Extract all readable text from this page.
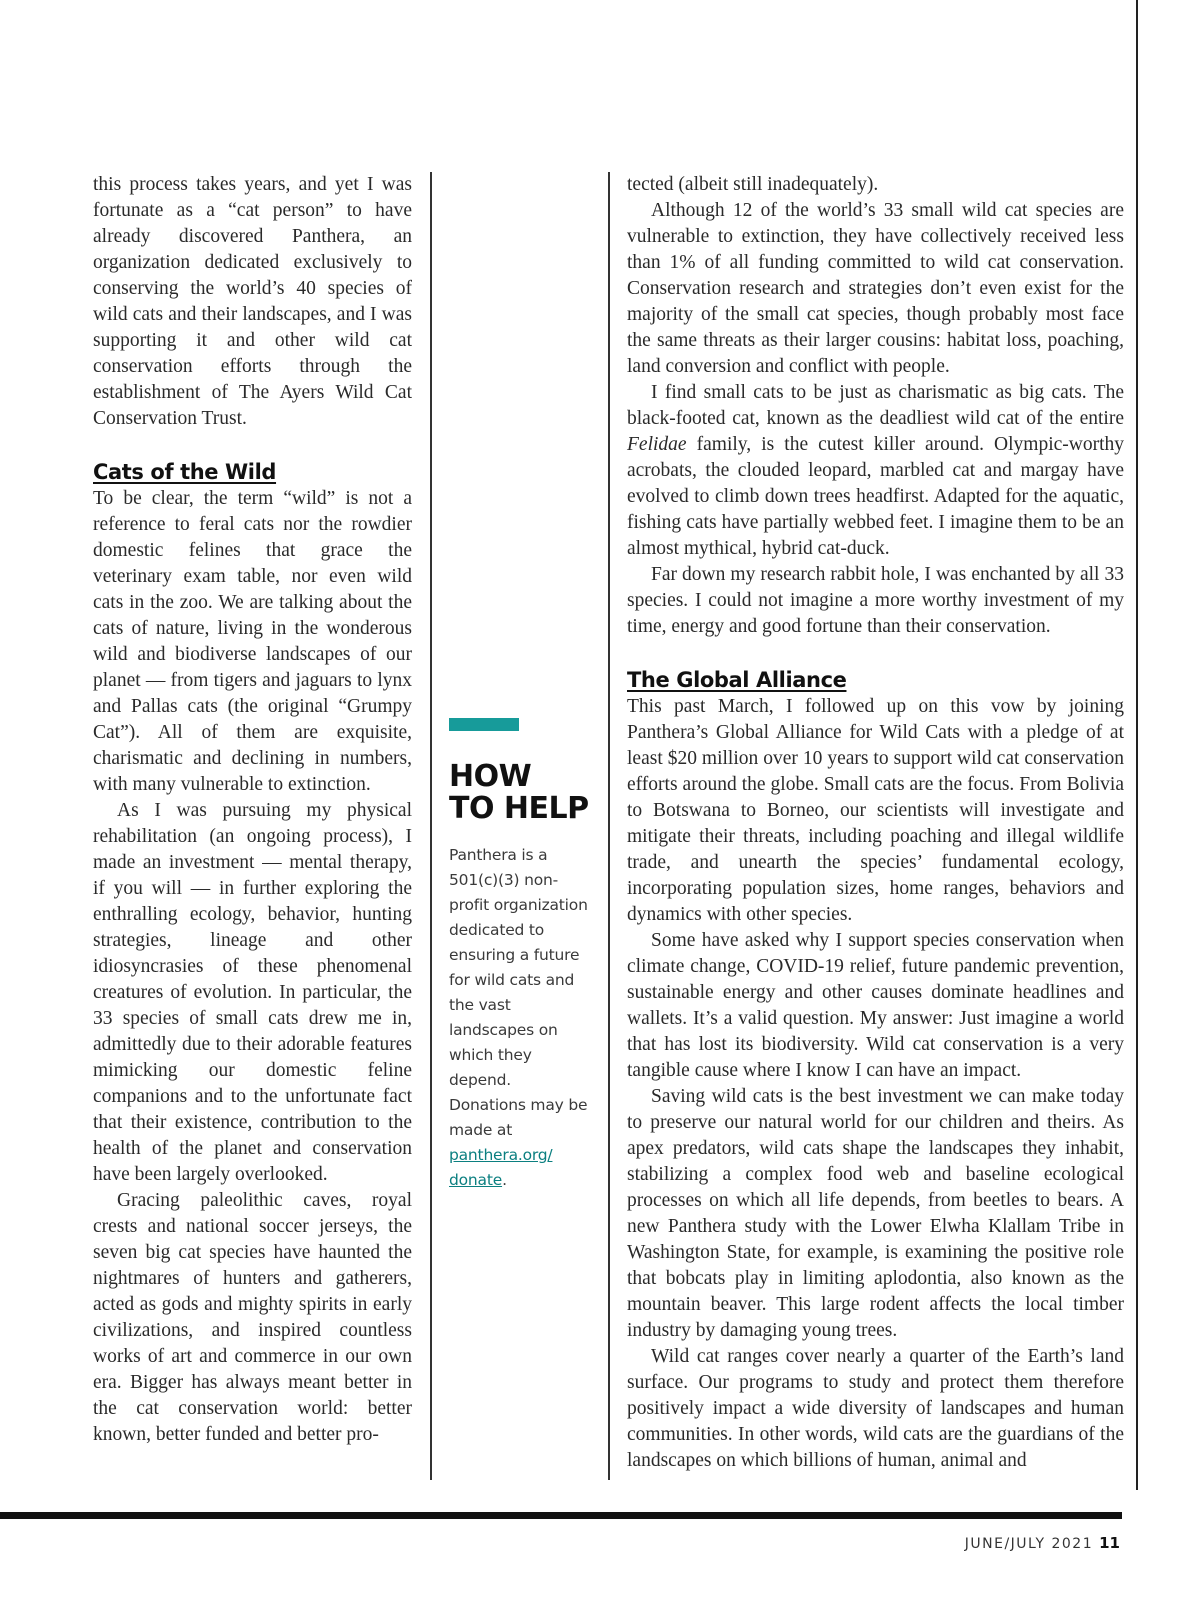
this process takes years, and yet I was fortunate as a “cat person” to have already discovered Panthera, an organization dedicated exclusively to conserving the world’s 40 species of wild cats and their landscapes, and I was supporting it and other wild cat conservation efforts through the establishment of The Ayers Wild Cat Conservation Trust.

Cats of the Wild

To be clear, the term “wild” is not a reference to feral cats nor the rowdier domestic felines that grace the veterinary exam table, nor even wild cats in the zoo. We are talking about the cats of nature, living in the wonderous wild and biodiverse landscapes of our planet — from tigers and jaguars to lynx and Pallas cats (the original “Grumpy Cat”). All of them are exquisite, charismatic and declining in numbers, with many vulnerable to extinction.

As I was pursuing my physical rehabilitation (an ongoing process), I made an investment — mental therapy, if you will — in further exploring the enthralling ecology, behavior, hunting strategies, lineage and other idiosyncrasies of these phenomenal creatures of evolution. In particular, the 33 species of small cats drew me in, admittedly due to their adorable features mimicking our domestic feline companions and to the unfortunate fact that their existence, contribution to the health of the planet and conservation have been largely overlooked.

Gracing paleolithic caves, royal crests and national soccer jerseys, the seven big cat species have haunted the nightmares of hunters and gatherers, acted as gods and mighty spirits in early civilizations, and inspired countless works of art and commerce in our own era. Bigger has always meant better in the cat conservation world: better known, better funded and better pro-

HOW
TO HELP
Panthera is a 501(c)(3) non-profit organization dedicated to ensuring a future for wild cats and the vast landscapes on which they depend. Donations may be made at panthera.org/
donate.

tected (albeit still inadequately).

Although 12 of the world’s 33 small wild cat species are vulnerable to extinction, they have collectively received less than 1% of all funding committed to wild cat conservation. Conservation research and strategies don’t even exist for the majority of the small cat species, though probably most face the same threats as their larger cousins: habitat loss, poaching, land conversion and conflict with people.

I find small cats to be just as charismatic as big cats. The black-footed cat, known as the deadliest wild cat of the entire Felidae family, is the cutest killer around. Olympic-worthy acrobats, the clouded leopard, marbled cat and margay have evolved to climb down trees headfirst. Adapted for the aquatic, fishing cats have partially webbed feet. I imagine them to be an almost mythical, hybrid cat-duck.

Far down my research rabbit hole, I was enchanted by all 33 species. I could not imagine a more worthy investment of my time, energy and good fortune than their conservation.

The Global Alliance

This past March, I followed up on this vow by joining Panthera’s Global Alliance for Wild Cats with a pledge of at least $20 million over 10 years to support wild cat conservation efforts around the globe. Small cats are the focus. From Bolivia to Botswana to Borneo, our scientists will investigate and mitigate their threats, including poaching and illegal wildlife trade, and unearth the species’ fundamental ecology, incorporating population sizes, home ranges, behaviors and dynamics with other species.

Some have asked why I support species conservation when climate change, COVID-19 relief, future pandemic prevention, sustainable energy and other causes dominate headlines and wallets. It’s a valid question. My answer: Just imagine a world that has lost its biodiversity. Wild cat conservation is a very tangible cause where I know I can have an impact.

Saving wild cats is the best investment we can make today to preserve our natural world for our children and theirs. As apex predators, wild cats shape the landscapes they inhabit, stabilizing a complex food web and baseline ecological processes on which all life depends, from beetles to bears. A new Panthera study with the Lower Elwha Klallam Tribe in Washington State, for example, is examining the positive role that bobcats play in limiting aplodontia, also known as the mountain beaver. This large rodent affects the local timber industry by damaging young trees.

Wild cat ranges cover nearly a quarter of the Earth’s land surface. Our programs to study and protect them therefore positively impact a wide diversity of landscapes and human communities. In other words, wild cats are the guardians of the landscapes on which billions of human, animal and

JUNE/JULY 2021 11
